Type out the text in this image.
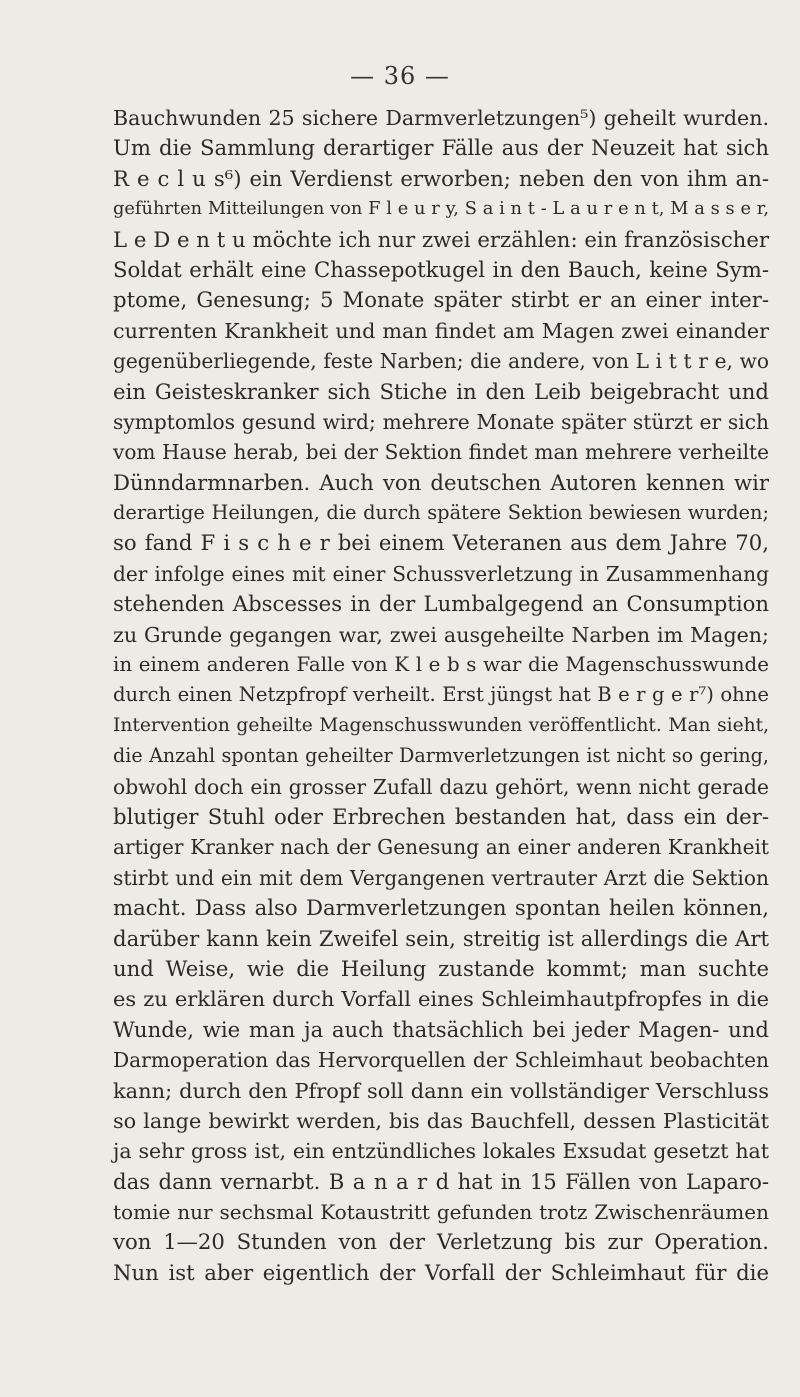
— 36 —
Bauchwunden 25 sichere Darmverletzungen⁵) geheilt wurden.
Um die Sammlung derartiger Fälle aus der Neuzeit hat sich
R e c l u s⁶) ein Verdienst erworben; neben den von ihm an-
geführten Mitteilungen von F l e u r y, S a i n t - L a u r e n t, M a s s e r,
L e D e n t u möchte ich nur zwei erzählen: ein französischer
Soldat erhält eine Chassepotkugel in den Bauch, keine Sym-
ptome, Genesung; 5 Monate später stirbt er an einer inter-
currenten Krankheit und man findet am Magen zwei einander
gegenüberliegende, feste Narben; die andere, von L i t t r e, wo
ein Geisteskranker sich Stiche in den Leib beigebracht und
symptomlos gesund wird; mehrere Monate später stürzt er sich
vom Hause herab, bei der Sektion findet man mehrere verheilte
Dünndarmnarben. Auch von deutschen Autoren kennen wir
derartige Heilungen, die durch spätere Sektion bewiesen wurden;
so fand F i s c h e r bei einem Veteranen aus dem Jahre 70,
der infolge eines mit einer Schussverletzung in Zusammenhang
stehenden Abscesses in der Lumbalgegend an Consumption
zu Grunde gegangen war, zwei ausgeheilte Narben im Magen;
in einem anderen Falle von K l e b s war die Magenschusswunde
durch einen Netzpfropf verheilt. Erst jüngst hat B e r g e r⁷) ohne
Intervention geheilte Magenschusswunden veröffentlicht. Man sieht,
die Anzahl spontan geheilter Darmverletzungen ist nicht so gering,
obwohl doch ein grosser Zufall dazu gehört, wenn nicht gerade
blutiger Stuhl oder Erbrechen bestanden hat, dass ein der-
artiger Kranker nach der Genesung an einer anderen Krankheit
stirbt und ein mit dem Vergangenen vertrauter Arzt die Sektion
macht. Dass also Darmverletzungen spontan heilen können,
darüber kann kein Zweifel sein, streitig ist allerdings die Art
und Weise, wie die Heilung zustande kommt; man suchte
es zu erklären durch Vorfall eines Schleimhautpfropfes in die
Wunde, wie man ja auch thatsächlich bei jeder Magen- und
Darmoperation das Hervorquellen der Schleimhaut beobachten
kann; durch den Pfropf soll dann ein vollständiger Verschluss
so lange bewirkt werden, bis das Bauchfell, dessen Plasticität
ja sehr gross ist, ein entzündliches lokales Exsudat gesetzt hat
das dann vernarbt. B a n a r d hat in 15 Fällen von Laparo-
tomie nur sechsmal Kotaustritt gefunden trotz Zwischenräumen
von 1—20 Stunden von der Verletzung bis zur Operation.
Nun ist aber eigentlich der Vorfall der Schleimhaut für die
